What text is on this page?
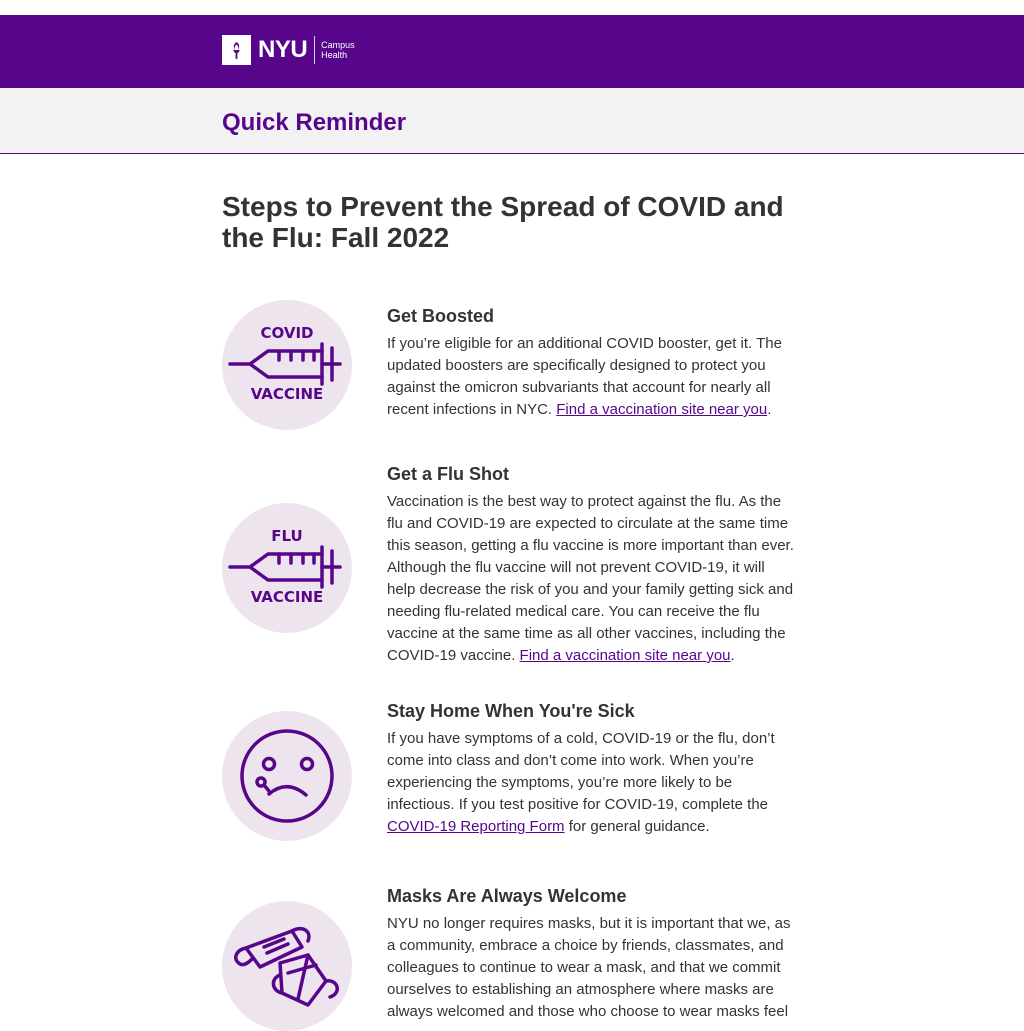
NYU Campus
Health
Quick Reminder
Steps to Prevent the Spread of COVID and the Flu: Fall 2022
COVID
VACCINE
Get Boosted

If you’re eligible for an additional COVID booster, get it. The updated boosters are specifically designed to protect you against the omicron subvariants that account for nearly all recent infections in NYC. Find a vaccination site near you.

FLU
VACCINE
Get a Flu Shot

Vaccination is the best way to protect against the flu. As the flu and COVID-19 are expected to circulate at the same time this season, getting a flu vaccine is more important than ever. Although the flu vaccine will not prevent COVID-19, it will help decrease the risk of you and your family getting sick and needing flu-related medical care. You can receive the flu vaccine at the same time as all other vaccines, including the COVID-19 vaccine. Find a vaccination site near you.

Stay Home When You're Sick

If you have symptoms of a cold, COVID-19 or the flu, don’t come into class and don’t come into work. When you’re experiencing the symptoms, you’re more likely to be infectious. If you test positive for COVID-19, complete the COVID-19 Reporting Form for general guidance.

Masks Are Always Welcome

NYU no longer requires masks, but it is important that we, as a community, embrace a choice by friends, classmates, and colleagues to continue to wear a mask, and that we commit ourselves to establishing an atmosphere where masks are always welcomed and those who choose to wear masks feel
